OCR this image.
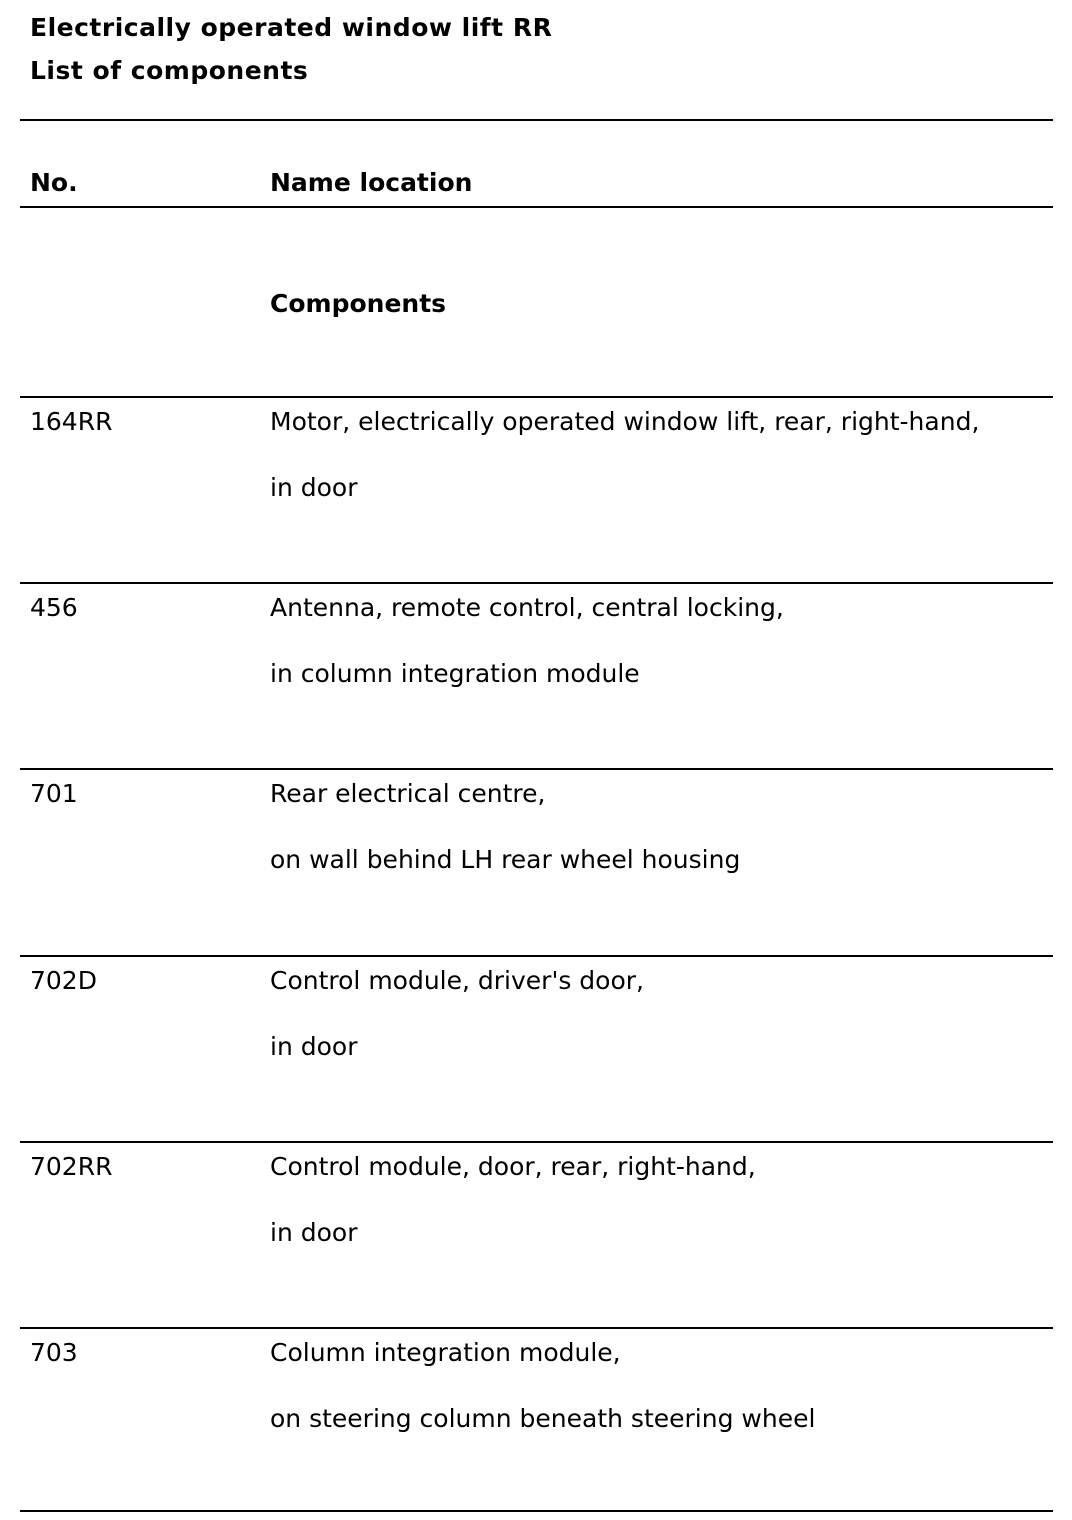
Electrically operated window lift RR
List of components
No.	Name location
Components
164RR	Motor, electrically operated window lift, rear, right-hand,
in door
456	Antenna, remote control, central locking,
in column integration module
701	Rear electrical centre,
on wall behind LH rear wheel housing
702D	Control module, driver's door,
in door
702RR	Control module, door, rear, right-hand,
in door
703	Column integration module,
on steering column beneath steering wheel
